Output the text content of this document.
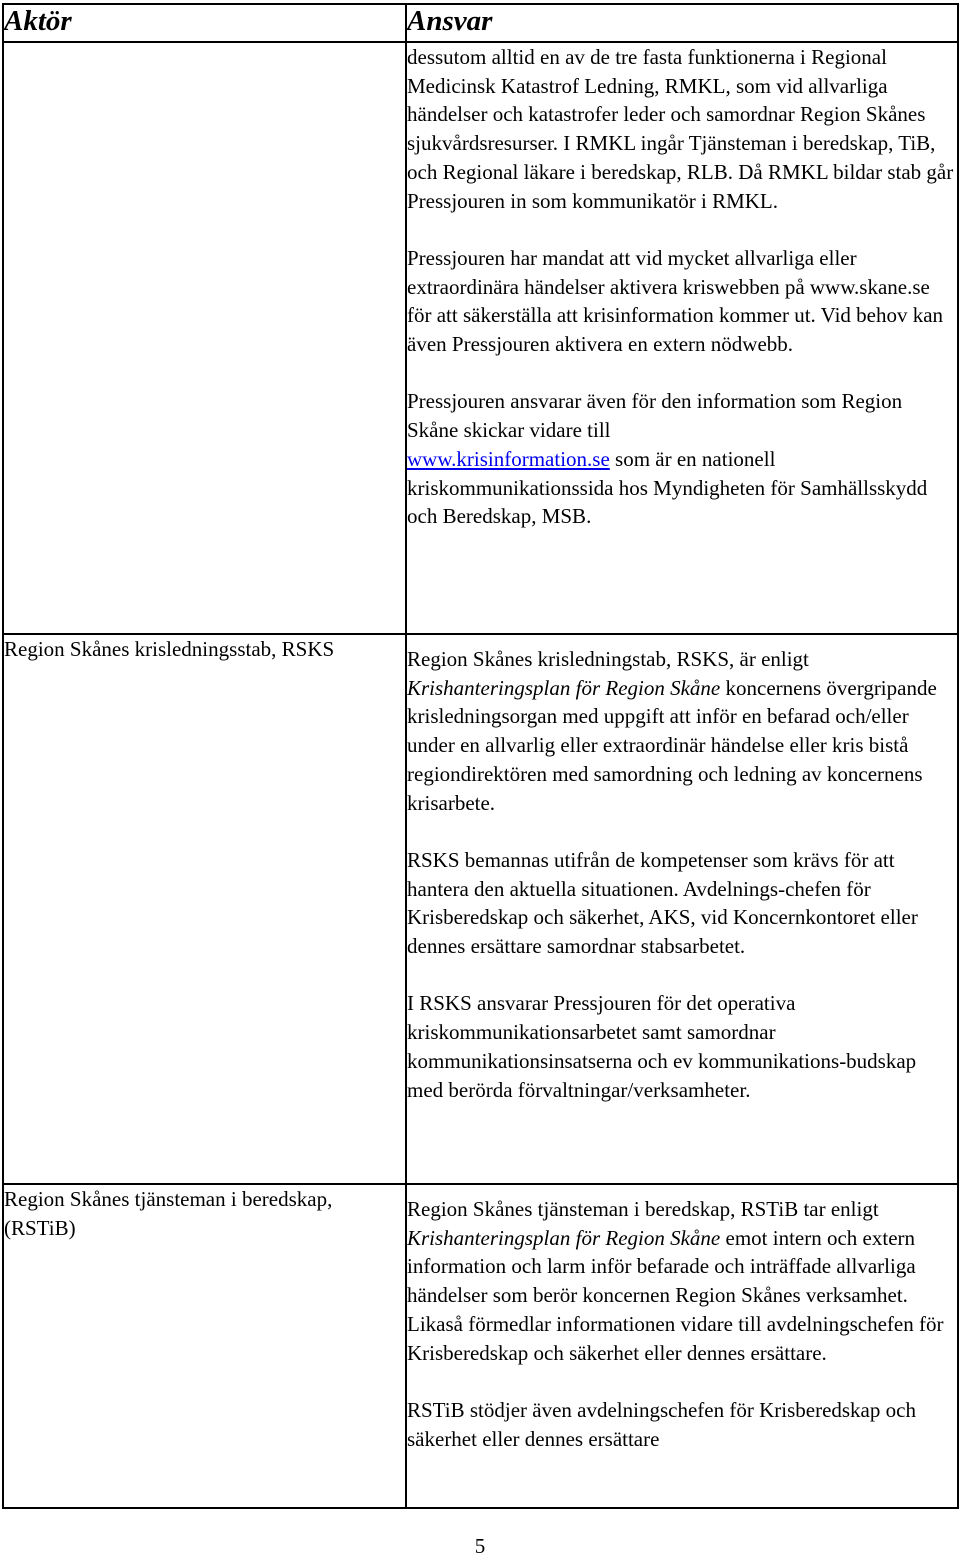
Aktör	Ansvar

	dessutom alltid en av de tre fasta funktionerna i Regional Medicinsk Katastrof Ledning, RMKL, som vid allvarliga händelser och katastrofer leder och samordnar Region Skånes sjukvårdsresurser. I RMKL ingår Tjänsteman i beredskap, TiB, och Regional läkare i beredskap, RLB. Då RMKL bildar stab går Pressjouren in som kommunikatör i RMKL.

Pressjouren har mandat att vid mycket allvarliga eller extraordinära händelser aktivera kriswebben på www.skane.se för att säkerställa att krisinformation kommer ut. Vid behov kan även Pressjouren aktivera en extern nödwebb.

Pressjouren ansvarar även för den information som Region Skåne skickar vidare till
www.krisinformation.se som är en nationell kriskommunikationssida hos Myndigheten för Samhällsskydd och Beredskap, MSB.

Region Skånes krisledningsstab, RSKS	Region Skånes krisledningstab, RSKS, är enligt Krishanteringsplan för Region Skåne koncernens övergripande krisledningsorgan med uppgift att inför en befarad och/eller under en allvarlig eller extraordinär händelse eller kris bistå regiondirektören med samordning och ledning av koncernens krisarbete.

RSKS bemannas utifrån de kompetenser som krävs för att hantera den aktuella situationen. Avdelnings-chefen för Krisberedskap och säkerhet, AKS, vid Koncernkontoret eller dennes ersättare samordnar stabsarbetet.

I RSKS ansvarar Pressjouren för det operativa kriskommunikationsarbetet samt samordnar kommunikationsinsatserna och ev kommunikations-budskap med berörda förvaltningar/verksamheter.

Region Skånes tjänsteman i beredskap, (RSTiB)	Region Skånes tjänsteman i beredskap, RSTiB tar enligt Krishanteringsplan för Region Skåne emot intern och extern information och larm inför befarade och inträffade allvarliga händelser som berör koncernen Region Skånes verksamhet. Likaså förmedlar informationen vidare till avdelningschefen för Krisberedskap och säkerhet eller dennes ersättare.

RSTiB stödjer även avdelningschefen för Krisberedskap och säkerhet eller dennes ersättare

5
